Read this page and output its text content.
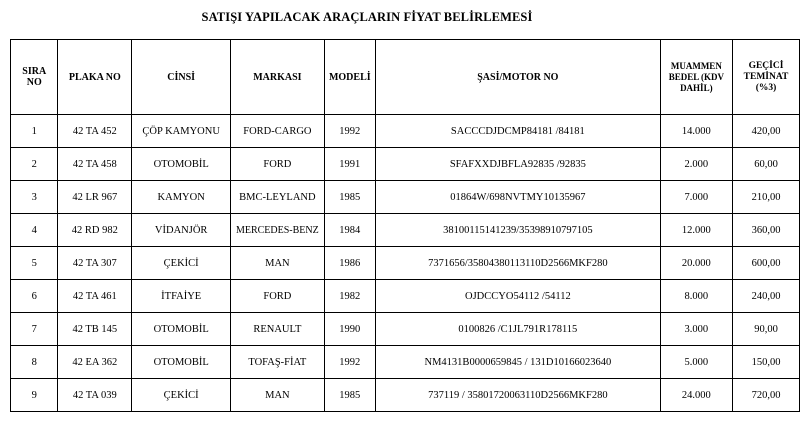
SATIŞI YAPILACAK ARAÇLARIN FİYAT BELİRLEMESİ
SIRA NO	PLAKA NO	CİNSİ	MARKASI	MODELİ	ŞASİ/MOTOR NO	MUAMMEN BEDEL (KDV DAHİL)	GEÇİCİ TEMİNAT (%3)
1	42 TA 452	ÇÖP KAMYONU	FORD-CARGO	1992	SACCCDJDCMP84181 /84181	14.000	420,00
2	42 TA 458	OTOMOBİL	FORD	1991	SFAFXXDJBFLA92835 /92835	2.000	60,00
3	42 LR 967	KAMYON	BMC-LEYLAND	1985	01864W/698NVTMY10135967	7.000	210,00
4	42 RD 982	VİDANJÖR	MERCEDES-BENZ	1984	38100115141239/35398910797105	12.000	360,00
5	42 TA 307	ÇEKİCİ	MAN	1986	7371656/35804380113110D2566MKF280	20.000	600,00
6	42 TA 461	İTFAİYE	FORD	1982	OJDCCYO54112 /54112	8.000	240,00
7	42 TB 145	OTOMOBİL	RENAULT	1990	0100826 /C1JL791R178115	3.000	90,00
8	42 EA 362	OTOMOBİL	TOFAŞ-FİAT	1992	NM4131B0000659845 / 131D10166023640	5.000	150,00
9	42 TA 039	ÇEKİCİ	MAN	1985	737119 / 35801720063110D2566MKF280	24.000	720,00
